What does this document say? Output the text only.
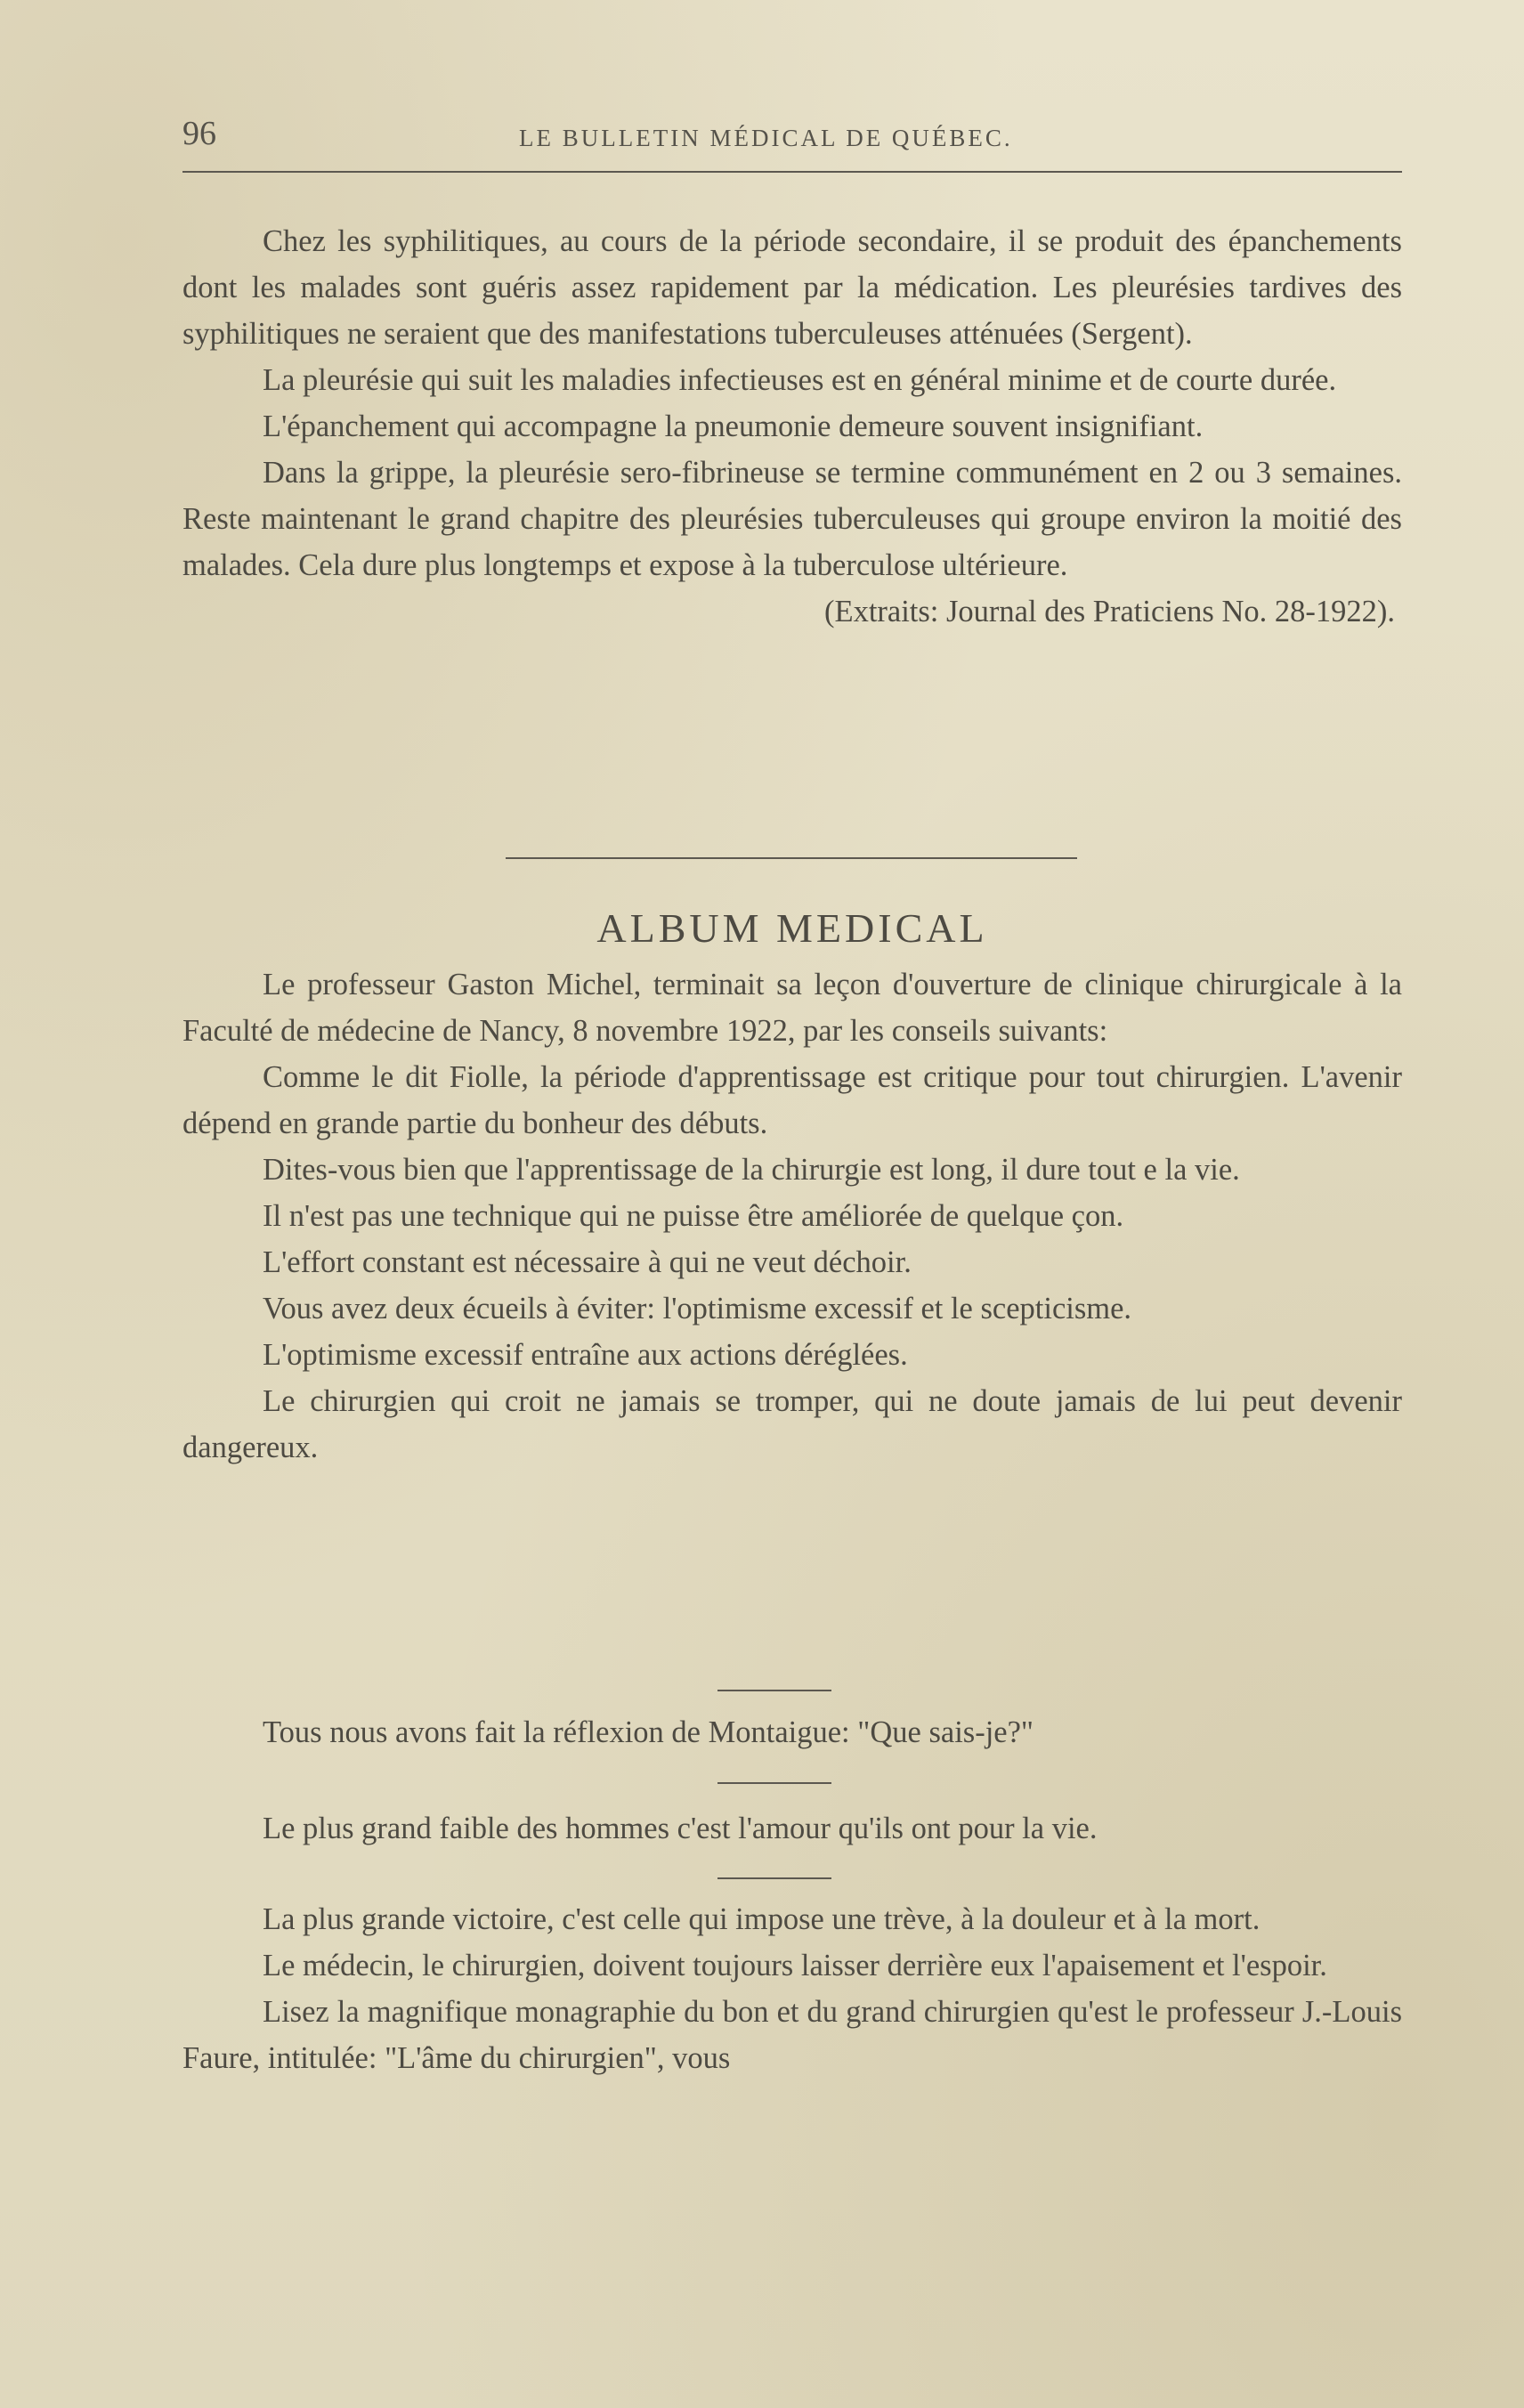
96	LE BULLETIN MÉDICAL DE QUÉBEC.

Chez les syphilitiques, au cours de la période secondaire, il se produit des épanchements dont les malades sont guéris assez rapidement par la médication. Les pleurésies tardives des syphilitiques ne seraient que des manifestations tuberculeuses atténuées (Sergent).

La pleurésie qui suit les maladies infectieuses est en général minime et de courte durée.

L'épanchement qui accompagne la pneumonie demeure souvent insignifiant.

Dans la grippe, la pleurésie sero-fibrineuse se termine communément en 2 ou 3 semaines. Reste maintenant le grand chapitre des pleurésies tuberculeuses qui groupe environ la moitié des malades. Cela dure plus longtemps et expose à la tuberculose ultérieure.

(Extraits: Journal des Praticiens No. 28-1922).

ALBUM MEDICAL

Le professeur Gaston Michel, terminait sa leçon d'ouverture de clinique chirurgicale à la Faculté de médecine de Nancy, 8 novembre 1922, par les conseils suivants:

Comme le dit Fiolle, la période d'apprentissage est critique pour tout chirurgien. L'avenir dépend en grande partie du bonheur des débuts.

Dites-vous bien que l'apprentissage de la chirurgie est long, il dure tout e la vie.

Il n'est pas une technique qui ne puisse être améliorée de quelque çon.

L'effort constant est nécessaire à qui ne veut déchoir.

Vous avez deux écueils à éviter: l'optimisme excessif et le scepticisme.

L'optimisme excessif entraîne aux actions déréglées.

Le chirurgien qui croit ne jamais se tromper, qui ne doute jamais de lui peut devenir dangereux.

Tous nous avons fait la réflexion de Montaigue: "Que sais-je?"

Le plus grand faible des hommes c'est l'amour qu'ils ont pour la vie.

La plus grande victoire, c'est celle qui impose une trève, à la douleur et à la mort.

Le médecin, le chirurgien, doivent toujours laisser derrière eux l'apaisement et l'espoir.

Lisez la magnifique monagraphie du bon et du grand chirurgien qu'est le professeur J.-Louis Faure, intitulée: "L'âme du chirurgien", vous
